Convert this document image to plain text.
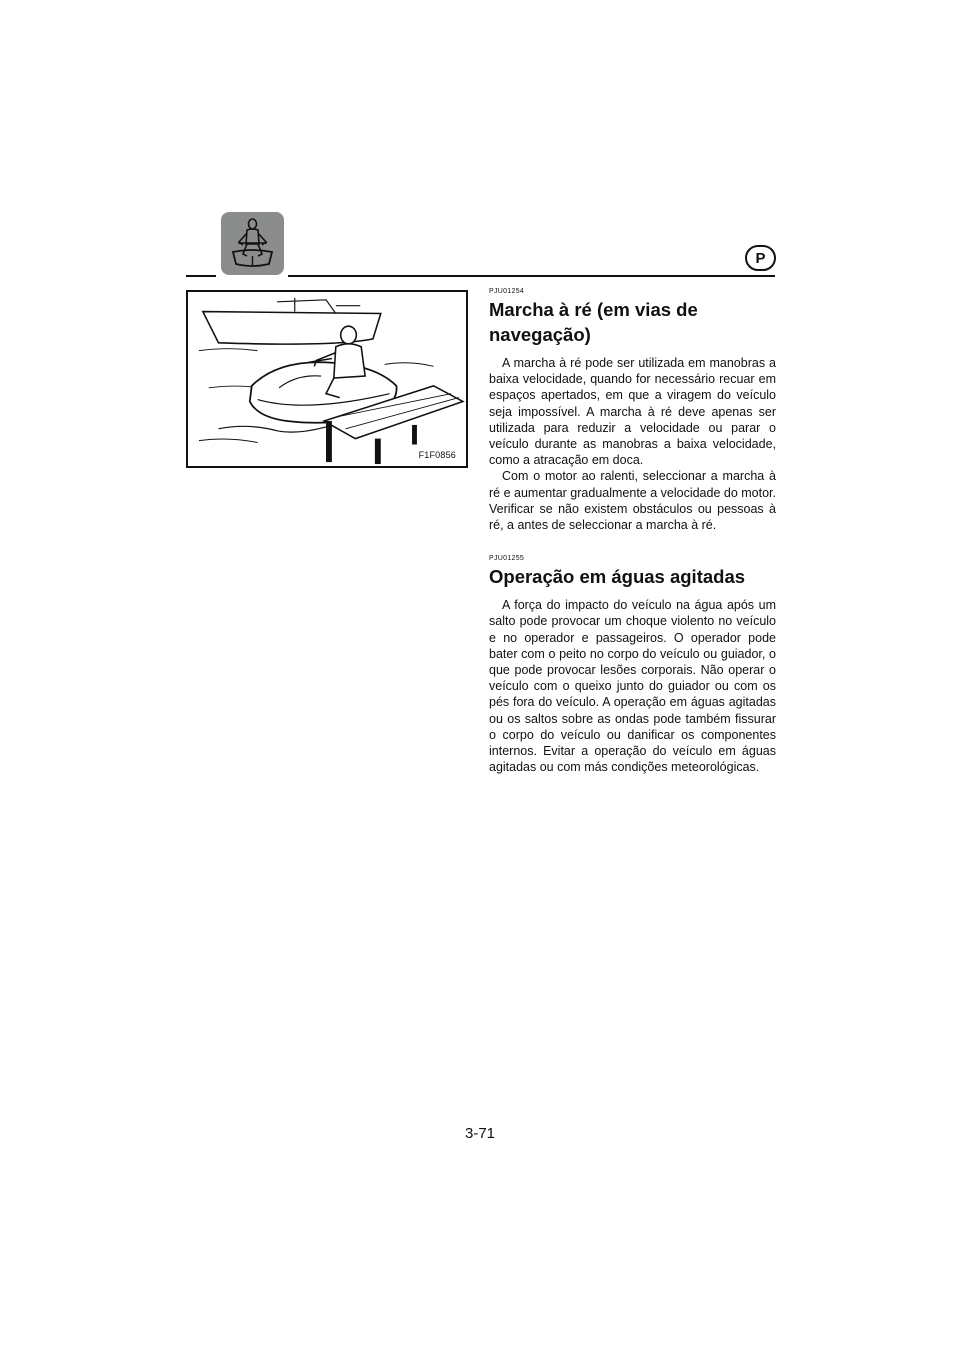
P
F1F0856

PJU01254

Marcha à ré (em vias de navegação)

A marcha à ré pode ser utilizada em manobras a baixa velocidade, quando for necessário recuar em espaços apertados, em que a viragem do veículo seja impossível. A marcha à ré deve apenas ser utilizada para reduzir a velocidade ou parar o veículo durante as manobras a baixa velocidade, como a atracação em doca.

Com o motor ao ralenti, seleccionar a marcha à ré e aumentar gradualmente a velocidade do motor. Verificar se não existem obstáculos ou pessoas à ré, a antes de seleccionar a marcha à ré.

PJU01255

Operação em águas agitadas

A força do impacto do veículo na água após um salto pode provocar um choque violento no veículo e no operador e passageiros. O operador pode bater com o peito no corpo do veículo ou guiador, o que pode provocar lesões corporais. Não operar o veículo com o queixo junto do guiador ou com os pés fora do veículo. A operação em águas agitadas ou os saltos sobre as ondas pode também fissurar o corpo do veículo ou danificar os componentes internos. Evitar a operação do veículo em águas agitadas ou com más condições meteorológicas.

3-71
